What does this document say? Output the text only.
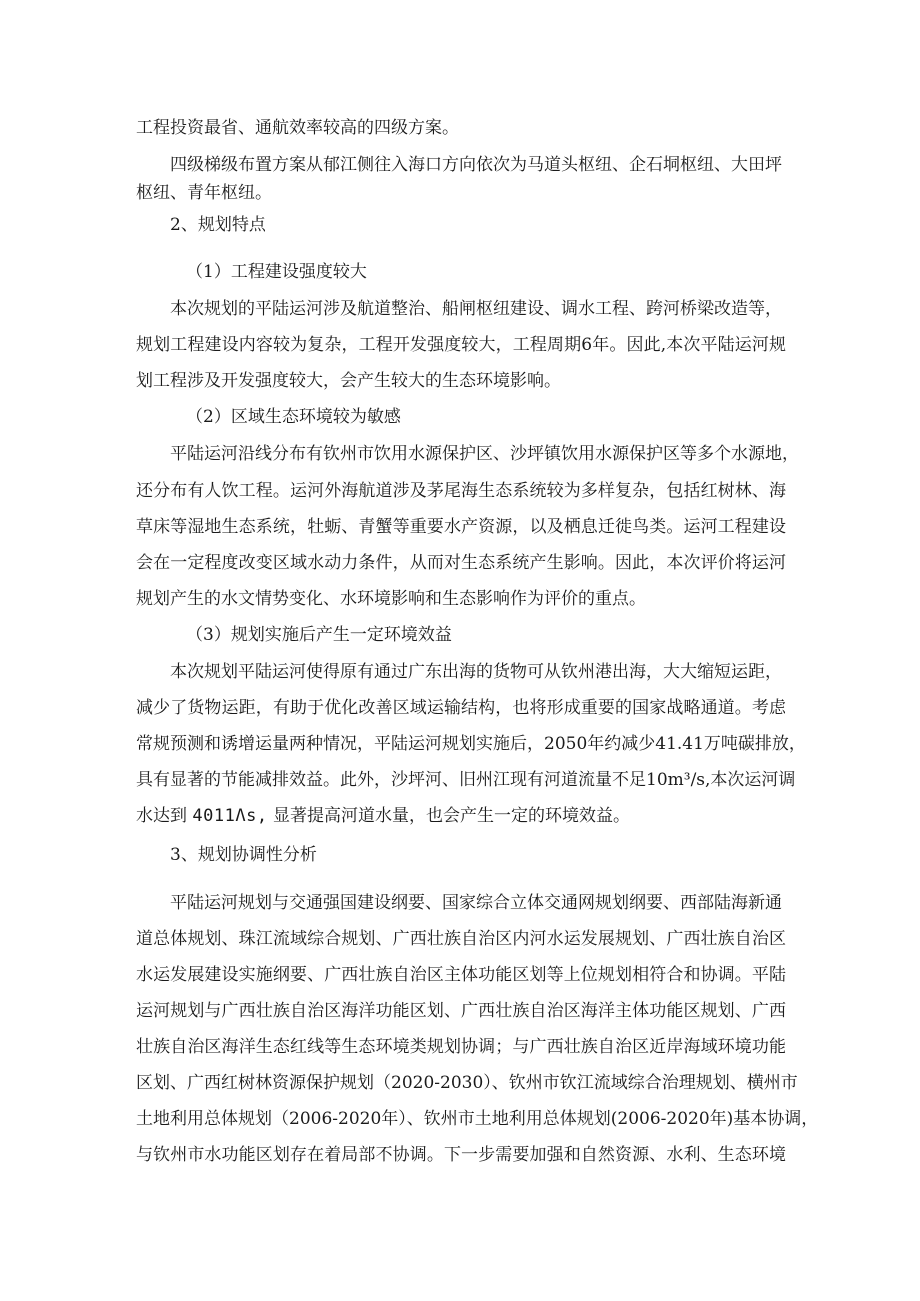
工程投资最省、通航效率较高的四级方案。
四级梯级布置方案从郁江侧往入海口方向依次为马道头枢纽、企石垌枢纽、大田坪
枢纽、青年枢纽。
2、规划特点
（1）工程建设强度较大
本次规划的平陆运河涉及航道整治、船闸枢纽建设、调水工程、跨河桥梁改造等，
规划工程建设内容较为复杂，工程开发强度较大，工程周期6年。因此,本次平陆运河规
划工程涉及开发强度较大，会产生较大的生态环境影响。
（2）区域生态环境较为敏感
平陆运河沿线分布有钦州市饮用水源保护区、沙坪镇饮用水源保护区等多个水源地，
还分布有人饮工程。运河外海航道涉及茅尾海生态系统较为多样复杂，包括红树林、海
草床等湿地生态系统，牡蛎、青蟹等重要水产资源，以及栖息迁徙鸟类。运河工程建设
会在一定程度改变区域水动力条件，从而对生态系统产生影响。因此，本次评价将运河
规划产生的水文情势变化、水环境影响和生态影响作为评价的重点。
（3）规划实施后产生一定环境效益
本次规划平陆运河使得原有通过广东出海的货物可从钦州港出海，大大缩短运距，
减少了货物运距，有助于优化改善区域运输结构，也将形成重要的国家战略通道。考虑
常规预测和诱增运量两种情况，平陆运河规划实施后，2050年约减少41.41万吨碳排放，
具有显著的节能减排效益。此外，沙坪河、旧州江现有河道流量不足10m³/s,本次运河调
水达到 4011Λs, 显著提高河道水量，也会产生一定的环境效益。
3、规划协调性分析
平陆运河规划与交通强国建设纲要、国家综合立体交通网规划纲要、西部陆海新通
道总体规划、珠江流域综合规划、广西壮族自治区内河水运发展规划、广西壮族自治区
水运发展建设实施纲要、广西壮族自治区主体功能区划等上位规划相符合和协调。平陆
运河规划与广西壮族自治区海洋功能区划、广西壮族自治区海洋主体功能区规划、广西
壮族自治区海洋生态红线等生态环境类规划协调；与广西壮族自治区近岸海域环境功能
区划、广西红树林资源保护规划（2020-2030）、钦州市钦江流域综合治理规划、横州市
土地利用总体规划（2006-2020年）、钦州市土地利用总体规划(2006-2020年)基本协调，
与钦州市水功能区划存在着局部不协调。下一步需要加强和自然资源、水利、生态环境
